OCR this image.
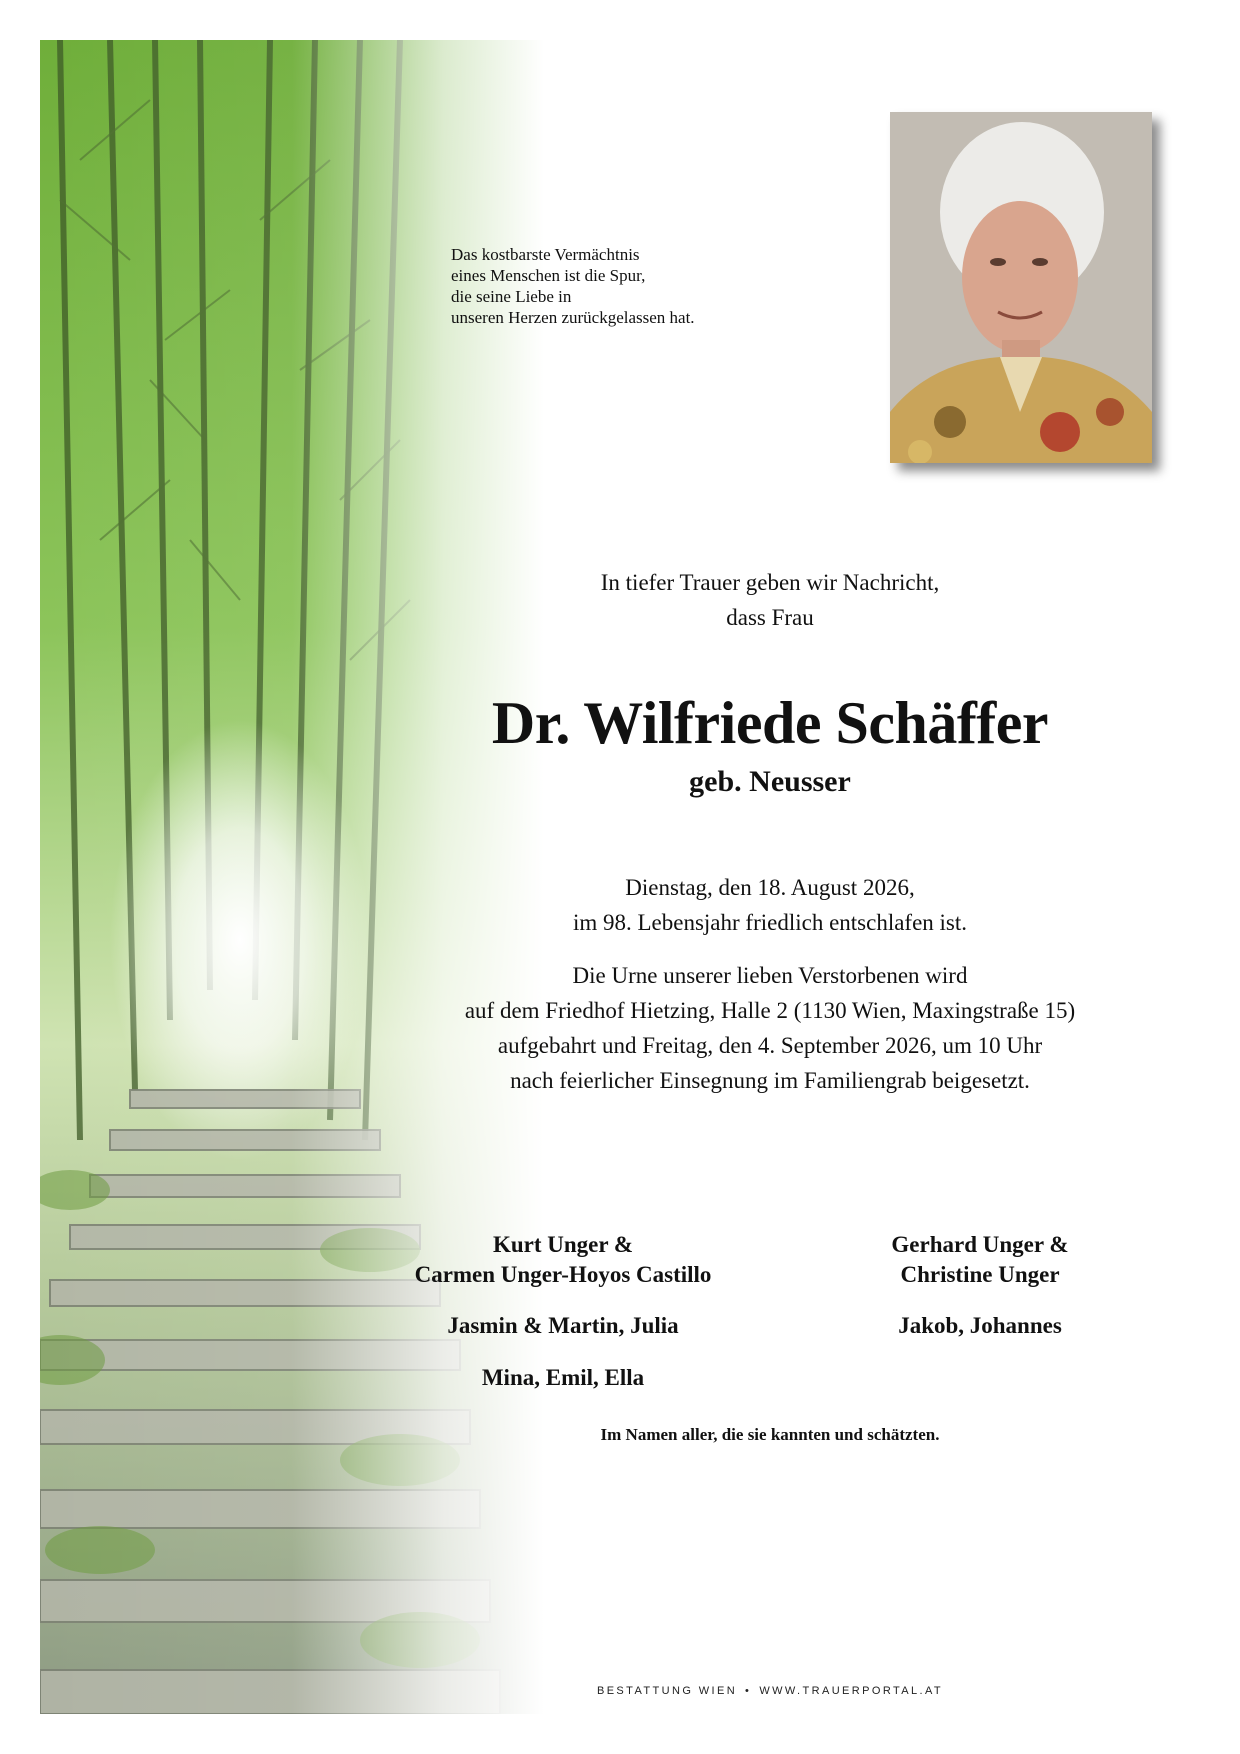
Das kostbarste Vermächtnis
eines Menschen ist die Spur,
die seine Liebe in
unseren Herzen zurückgelassen hat.
In tiefer Trauer geben wir Nachricht,
dass Frau
Dr. Wilfriede Schäffer
geb. Neusser
Dienstag, den 18. August 2026,
im 98. Lebensjahr friedlich entschlafen ist.
Die Urne unserer lieben Verstorbenen wird
auf dem Friedhof Hietzing, Halle 2 (1130 Wien, Maxingstraße 15)
aufgebahrt und Freitag, den 4. September 2026, um 10 Uhr
nach feierlicher Einsegnung im Familiengrab beigesetzt.
Kurt Unger &
Carmen Unger-Hoyos Castillo
Jasmin & Martin, Julia
Mina, Emil, Ella
Gerhard Unger &
Christine Unger
Jakob, Johannes
Im Namen aller, die sie kannten und schätzten.
BESTATTUNG WIEN • WWW.TRAUERPORTAL.AT
